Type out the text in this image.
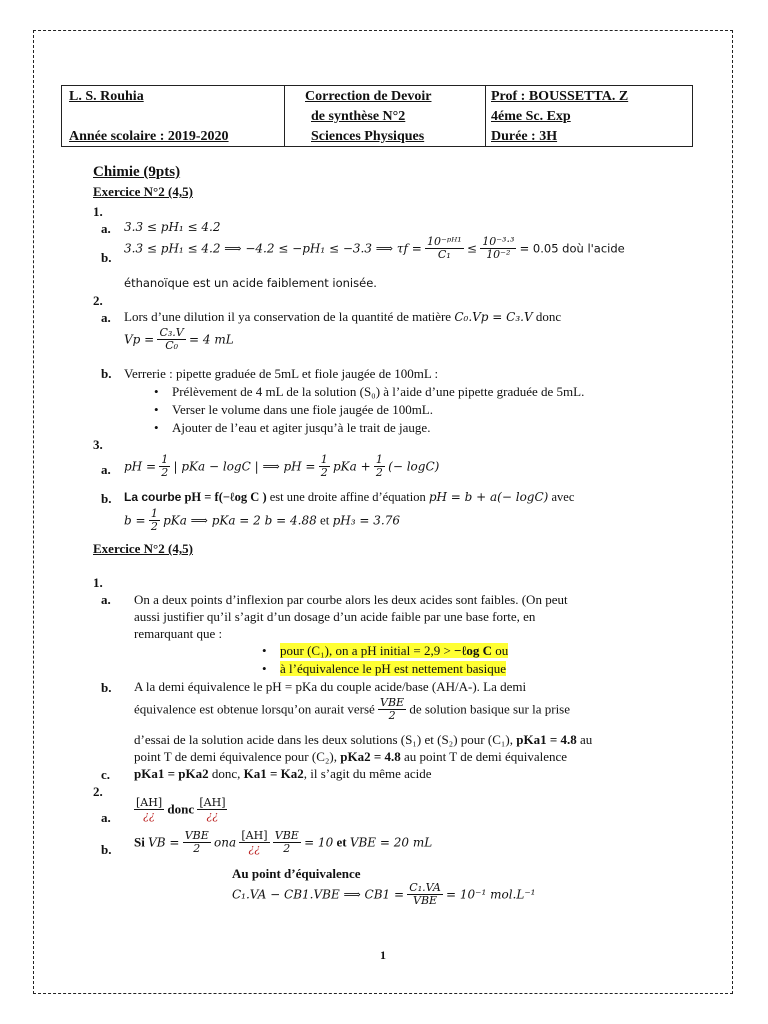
L. S. Rouhia
Année scolaire : 2019-2020
Correction de Devoir
de synthèse N°2
Sciences Physiques
Prof : BOUSSETTA. Z
4éme Sc. Exp
Durée : 3H
Chimie (9pts)
Exercice N°2 (4,5)
1.
a. 3.3 ≤ pH₁ ≤ 4.2
b.
3.3 ≤ pH₁ ≤ 4.2 ⟹ −4.2 ≤ −pH₁ ≤ −3.3 ⟹ $\tau f = \frac{\text{10⁻ᵖᴴ¹}}{\text{C₁}} \le \frac{\text{10⁻³·³}}{\text{10⁻²}} = 0.05$ doù l'acide
éthanoïque est un acide faiblement ionisée.
2.
a. Lors d’une dilution il ya conservation de la quantité de matière C₀.Vp = C₃.V donc
$Vp = \frac{\text{C₃.V}}{\text{C₀}} = 4$ mL
b. Verrerie : pipette graduée de 5mL et fiole jaugée de 100mL :
• Prélèvement de 4 mL de la solution (S₀) à l’aide d’une pipette graduée de 5mL.
• Verser le volume dans une fiole jaugée de 100mL.
• Ajouter de l’eau et agiter jusqu’à le trait de jauge.
3.
a. pH = $\frac{1}{2}$ | pKa − logC | ⟹ pH = $\frac{1}{2}$ pKa + $\frac{1}{2}$ (− logC)
b. La courbe pH = f(−ℓog C ) est une droite affine d’équation pH = b + a(− logC) avec
$b = \frac{1}{2}$ pKa ⟹ pKa = 2 b = 4.88 et pH₃ = 3.76
Exercice N°2 (4,5)
1.
a. On a deux points d’inflexion par courbe alors les deux acides sont faibles. (On peut
aussi justifier qu’il s’agit d’un dosage d’un acide faible par une base forte, en
remarquant que :
• pour (C₁), on a pH initial = 2,9 > −ℓog C ou
• à l’équivalence le pH est nettement basique
b. A la demi équivalence le pH = pKa du couple acide/base (AH/A-). La demi
équivalence est obtenue lorsqu’on aurait versé $\frac{\text{VBE}}{2}$ de solution basique sur la prise
d’essai de la solution acide dans les deux solutions (S₁) et (S₂) pour (C₁), pKa1 = 4.8 au
point T de demi équivalence pour (C₂), pKa2 = 4.8 au point T de demi équivalence
c. pKa1 = pKa2 donc, Ka1 = Ka2, il s’agit du même acide
2.
a. $\frac{[AH]}{¿¿}$ donc $\frac{[AH]}{¿¿}$
b. Si VB = $\frac{\text{VBE}}{2}$ ona $\frac{[AH]}{¿¿}$
$\frac{\text{VBE}}{2} = 10$ et VBE = 20 mL
Au point d’équivalence
C₁.VA − CB1.VBE ⟹ $CB1 = \frac{\text{C₁.VA}}{\text{VBE}} = 10^{-1}$ mol.L⁻¹
1
